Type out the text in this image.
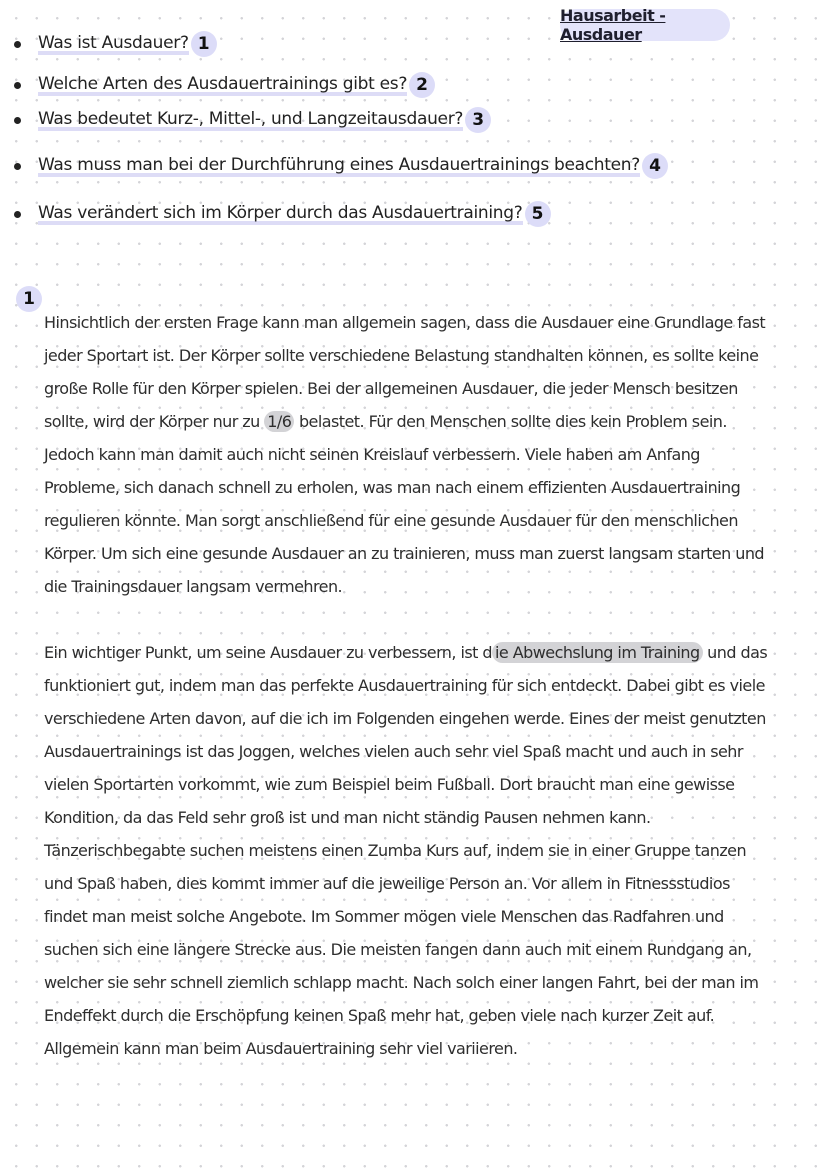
Hausarbeit -Ausdauer
Was ist Ausdauer? 1
Welche Arten des Ausdauertrainings gibt es? 2
Was bedeutet Kurz-, Mittel-, und Langzeitausdauer? 3
Was muss man bei der Durchführung eines Ausdauertrainings beachten? 4
Was verändert sich im Körper durch das Ausdauertraining? 5
1
Hinsichtlich der ersten Frage kann man allgemein sagen, dass die Ausdauer eine Grundlage fast
jeder Sportart ist. Der Körper sollte verschiedene Belastung standhalten können, es sollte keine
große Rolle für den Körper spielen. Bei der allgemeinen Ausdauer, die jeder Mensch besitzen
sollte, wird der Körper nur zu 1/6 belastet. Für den Menschen sollte dies kein Problem sein.
Jedoch kann man damit auch nicht seinen Kreislauf verbessern. Viele haben am Anfang
Probleme, sich danach schnell zu erholen, was man nach einem effizienten Ausdauertraining
regulieren könnte. Man sorgt anschließend für eine gesunde Ausdauer für den menschlichen
Körper. Um sich eine gesunde Ausdauer an zu trainieren, muss man zuerst langsam starten und
die Trainingsdauer langsam vermehren.
Ein wichtiger Punkt, um seine Ausdauer zu verbessern, ist d ie Abwechslung im Training und das
funktioniert gut, indem man das perfekte Ausdauertraining für sich entdeckt. Dabei gibt es viele
verschiedene Arten davon, auf die ich im Folgenden eingehen werde. Eines der meist genutzten
Ausdauertrainings ist das Joggen, welches vielen auch sehr viel Spaß macht und auch in sehr
vielen Sportarten vorkommt, wie zum Beispiel beim Fußball. Dort braucht man eine gewisse
Kondition, da das Feld sehr groß ist und man nicht ständig Pausen nehmen kann.
Tänzerischbegabte suchen meistens einen Zumba Kurs auf, indem sie in einer Gruppe tanzen
und Spaß haben, dies kommt immer auf die jeweilige Person an. Vor allem in Fitnessstudios
findet man meist solche Angebote. Im Sommer mögen viele Menschen das Radfahren und
suchen sich eine längere Strecke aus. Die meisten fangen dann auch mit einem Rundgang an,
welcher sie sehr schnell ziemlich schlapp macht. Nach solch einer langen Fahrt, bei der man im
Endeffekt durch die Erschöpfung keinen Spaß mehr hat, geben viele nach kurzer Zeit auf.
Allgemein kann man beim Ausdauertraining sehr viel variieren.
